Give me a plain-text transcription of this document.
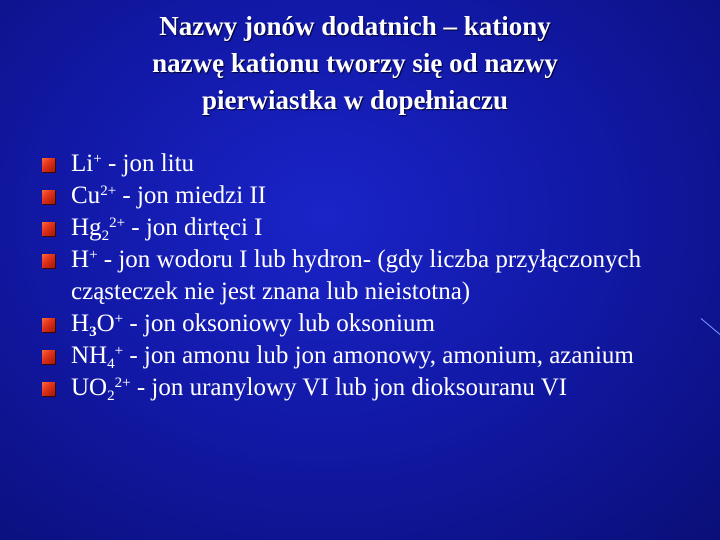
Nazwy jonów dodatnich – kationy
nazwę kationu tworzy się od nazwy
pierwiastka w dopełniaczu
Li+ - jon litu
$Cu^{2+}$ - jon miedzi II
$Hg_2^{2+}$ - jon dirtęci I
H+ - jon wodoru I lub hydron- (gdy liczba przyłączonych cząsteczek nie jest znana lub nieistotna)
$H_3O^+$ - jon oksoniowy lub oksonium
$NH_4^+$ - jon amonu lub jon amonowy, amonium, azanium
$UO_2^{2+}$ - jon uranylowy VI lub jon dioksouranu VI
